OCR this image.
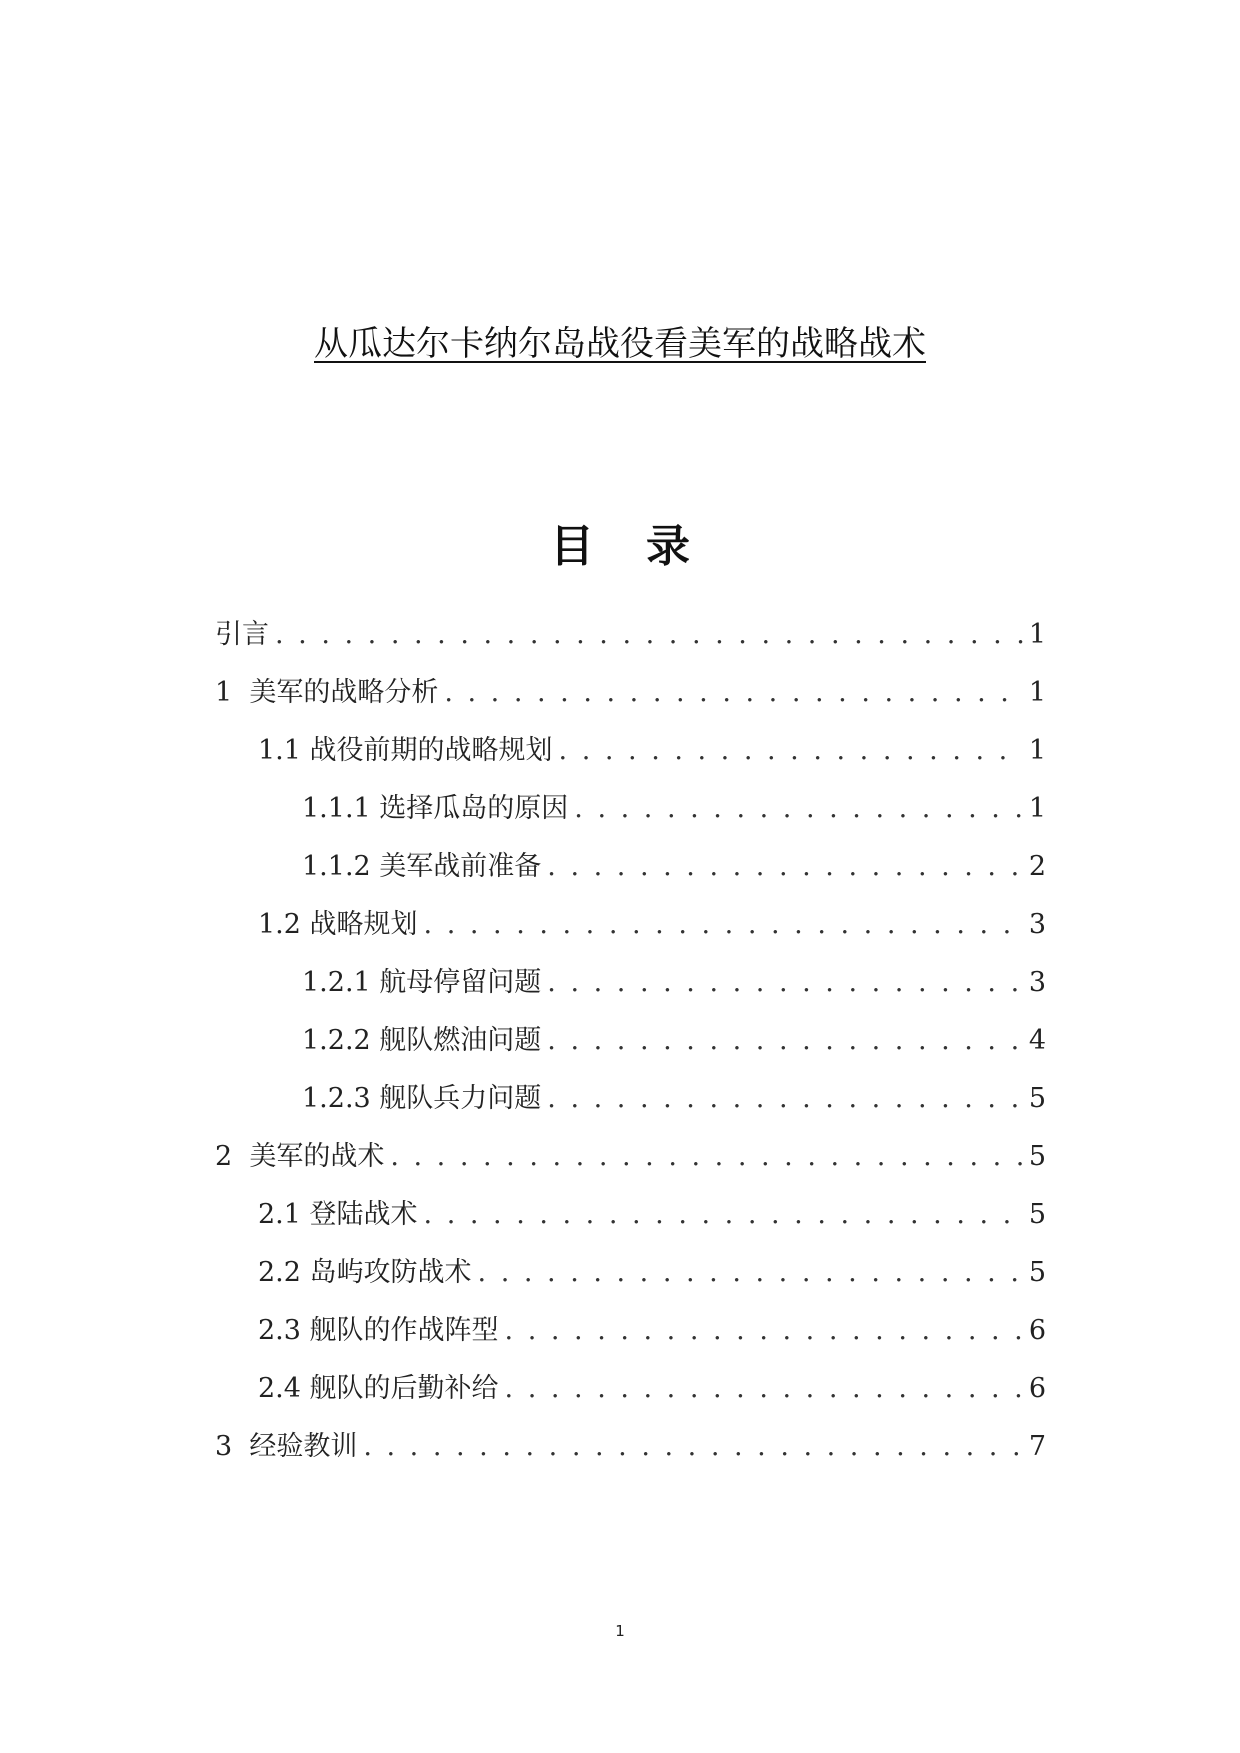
从瓜达尔卡纳尔岛战役看美军的战略战术
目录
引言 . . .	1
1  美军的战略分析 . . .	1
1.1 战役前期的战略规划 . . .	1
1.1.1 选择瓜岛的原因 . . .	1
1.1.2 美军战前准备 . . .	2
1.2 战略规划 . . .	3
1.2.1 航母停留问题 . . .	3
1.2.2 舰队燃油问题 . . .	4
1.2.3 舰队兵力问题 . . .	5
2  美军的战术 . . .	5
2.1 登陆战术 . . .	5
2.2 岛屿攻防战术 . . .	5
2.3 舰队的作战阵型 . . .	6
2.4 舰队的后勤补给 . . .	6
3  经验教训 . . .	7
1
